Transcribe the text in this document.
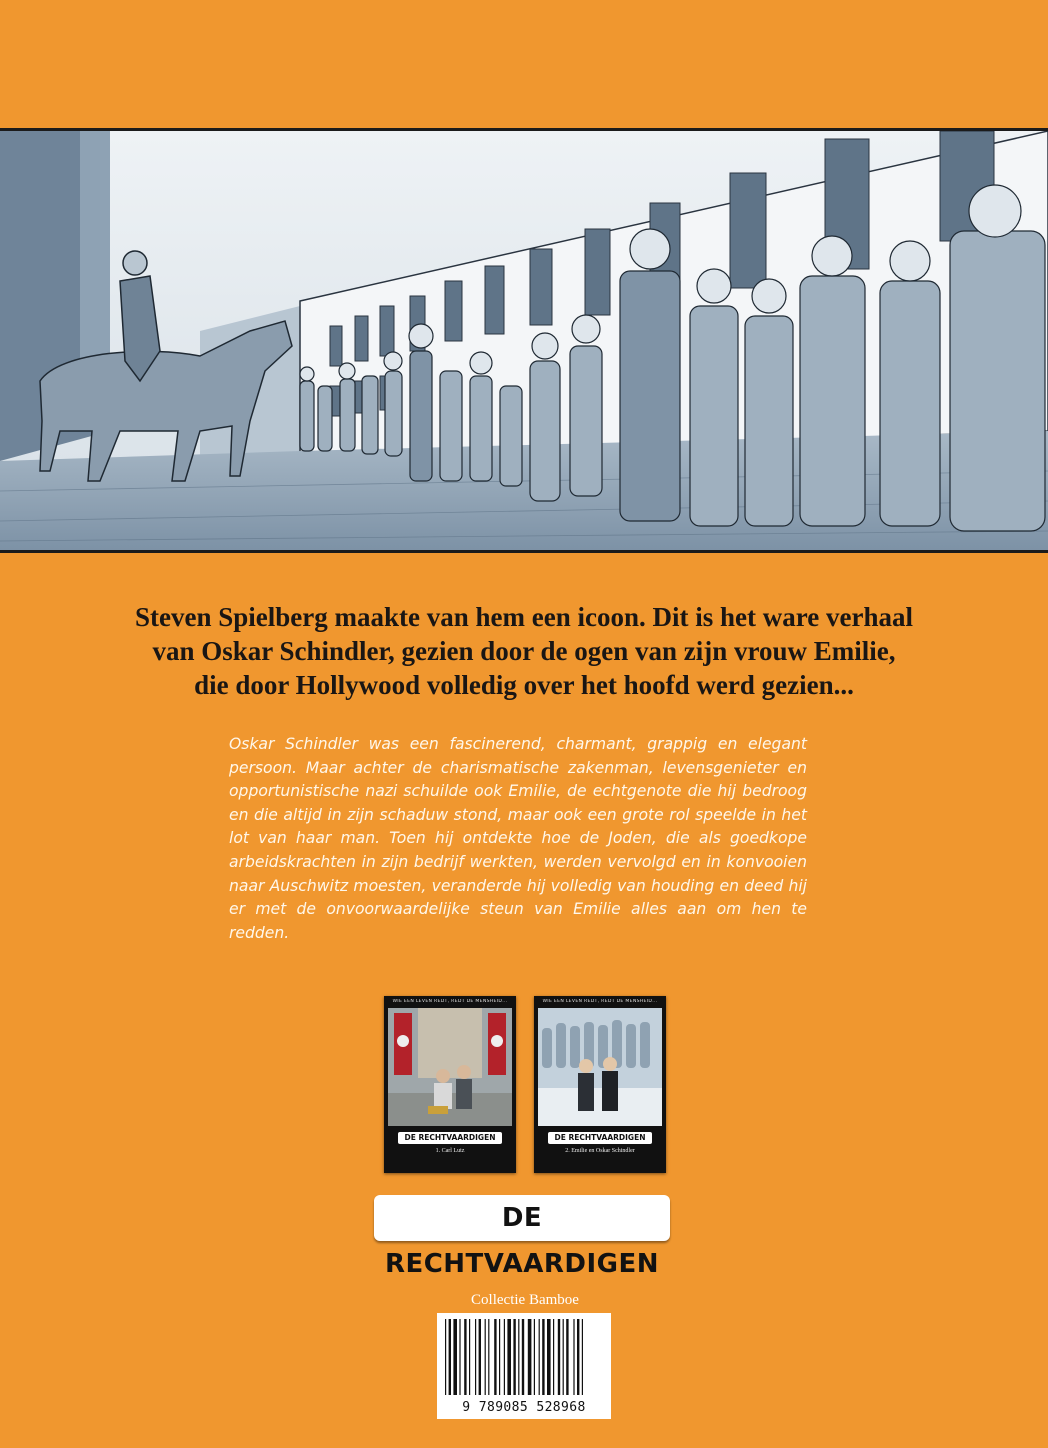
Steven Spielberg maakte van hem een icoon. Dit is het ware verhaal
van Oskar Schindler, gezien door de ogen van zijn vrouw Emilie,
die door Hollywood volledig over het hoofd werd gezien...
Oskar Schindler was een fascinerend, charmant, grappig en elegant persoon. Maar achter de charismatische zakenman, levensgenieter en opportunistische nazi schuilde ook Emilie, de echtgenote die hij bedroog en die altijd in zijn schaduw stond, maar ook een grote rol speelde in het lot van haar man. Toen hij ontdekte hoe de Joden, die als goedkope arbeidskrachten in zijn bedrijf werkten, werden vervolgd en in konvooien naar Auschwitz moesten, veranderde hij volledig van houding en deed hij er met de onvoorwaardelijke steun van Emilie alles aan om hen te redden.
WIE EEN LEVEN REDT, REDT DE MENSHEID...
DE RECHTVAARDIGEN
1. Carl Lutz
WIE EEN LEVEN REDT, REDT DE MENSHEID...
DE RECHTVAARDIGEN
2. Emilie en Oskar Schindler
DE RECHTVAARDIGEN
Collectie Bamboe
9 789085 528968
